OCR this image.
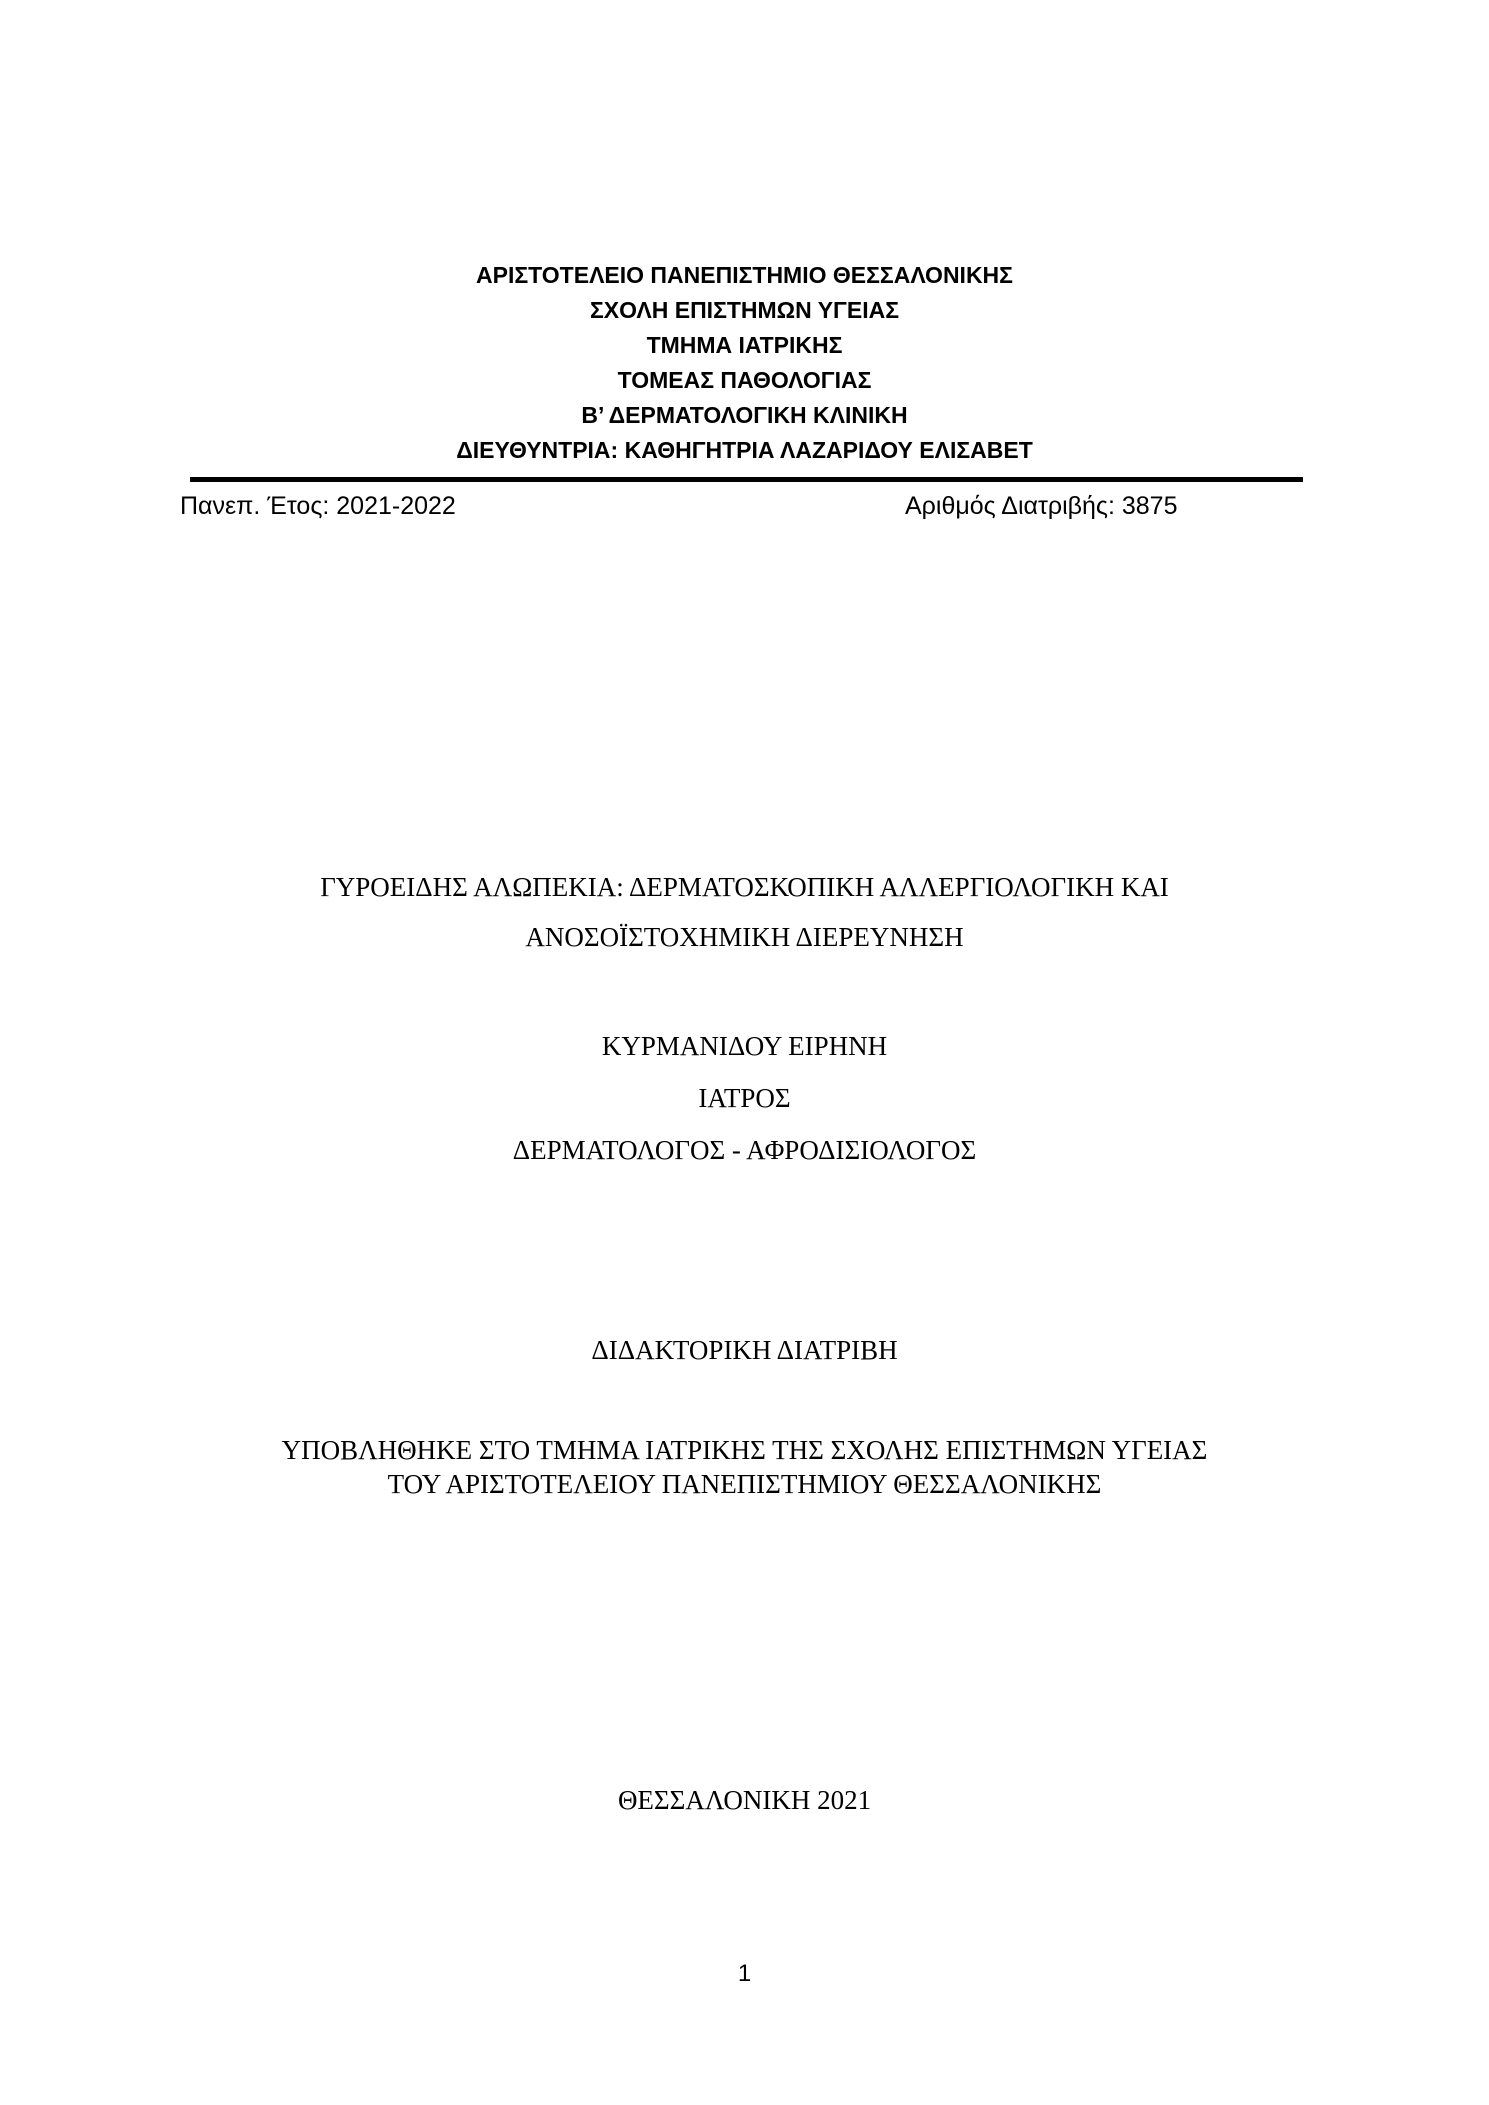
ΑΡΙΣΤΟΤΕΛΕΙΟ ΠΑΝΕΠΙΣΤΗΜΙΟ ΘΕΣΣΑΛΟΝΙΚΗΣ
ΣΧΟΛΗ ΕΠΙΣΤΗΜΩΝ ΥΓΕΙΑΣ
ΤΜΗΜΑ ΙΑΤΡΙΚΗΣ
ΤΟΜΕΑΣ ΠΑΘΟΛΟΓΙΑΣ
Β’ ΔΕΡΜΑΤΟΛΟΓΙΚΗ ΚΛΙΝΙΚΗ
ΔΙΕΥΘΥΝΤΡΙΑ: ΚΑΘΗΓΗΤΡΙΑ ΛΑΖΑΡΙΔΟΥ ΕΛΙΣΑΒΕΤ
Πανεπ. Έτος: 2021-2022	Αριθμός Διατριβής: 3875
ΓΥΡΟΕΙΔΗΣ ΑΛΩΠΕΚΙΑ: ΔΕΡΜΑΤΟΣΚΟΠΙΚΗ ΑΛΛΕΡΓΙΟΛΟΓΙΚΗ ΚΑΙ
ΑΝΟΣΟΪΣΤΟΧΗΜΙΚΗ ΔΙΕΡΕΥΝΗΣΗ
ΚΥΡΜΑΝΙΔΟΥ ΕΙΡΗΝΗ
ΙΑΤΡΟΣ
ΔΕΡΜΑΤΟΛΟΓΟΣ - ΑΦΡΟΔΙΣΙΟΛΟΓΟΣ
ΔΙΔΑΚΤΟΡΙΚΗ ΔΙΑΤΡΙΒΗ
ΥΠΟΒΛΗΘΗΚΕ ΣΤΟ ΤΜΗΜΑ ΙΑΤΡΙΚΗΣ ΤΗΣ ΣΧΟΛΗΣ ΕΠΙΣΤΗΜΩΝ ΥΓΕΙΑΣ
ΤΟΥ ΑΡΙΣΤΟΤΕΛΕΙΟΥ ΠΑΝΕΠΙΣΤΗΜΙΟΥ ΘΕΣΣΑΛΟΝΙΚΗΣ
ΘΕΣΣΑΛΟΝΙΚΗ 2021
1
